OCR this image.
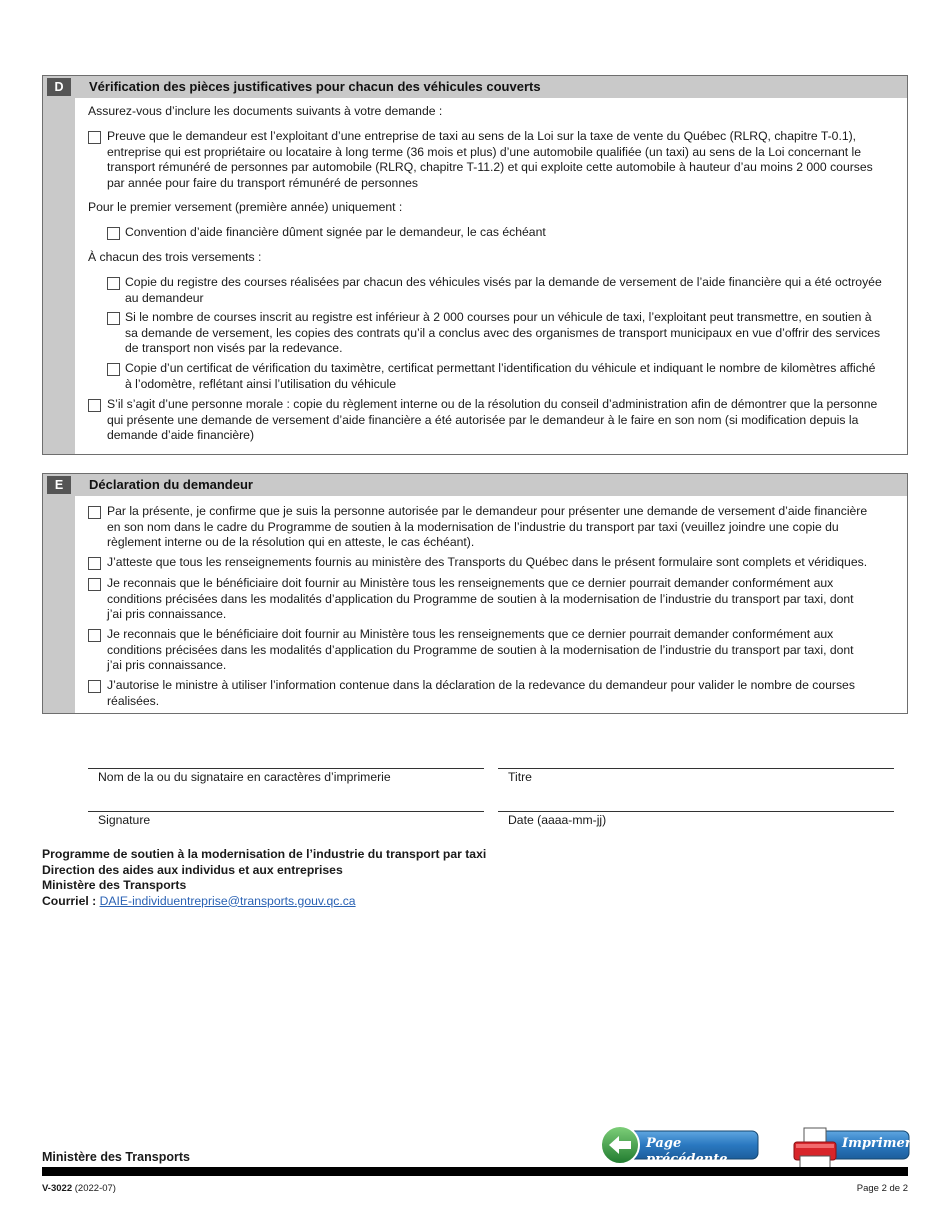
D	Vérification des pièces justificatives pour chacun des véhicules couverts
Assurez-vous d’inclure les documents suivants à votre demande :
Preuve que le demandeur est l’exploitant d’une entreprise de taxi au sens de la Loi sur la taxe de vente du Québec (RLRQ, chapitre T-0.1),
entreprise qui est propriétaire ou locataire à long terme (36 mois et plus) d’une automobile qualifiée (un taxi) au sens de la Loi concernant le
transport rémunéré de personnes par automobile (RLRQ, chapitre T-11.2) et qui exploite cette automobile à hauteur d’au moins 2 000 courses
par année pour faire du transport rémunéré de personnes
Pour le premier versement (première année) uniquement :
Convention d’aide financière dûment signée par le demandeur, le cas échéant
À chacun des trois versements :
Copie du registre des courses réalisées par chacun des véhicules visés par la demande de versement de l’aide financière qui a été octroyée
au demandeur
Si le nombre de courses inscrit au registre est inférieur à 2 000 courses pour un véhicule de taxi, l’exploitant peut transmettre, en soutien à
sa demande de versement, les copies des contrats qu’il a conclus avec des organismes de transport municipaux en vue d’offrir des services
de transport non visés par la redevance.
Copie d’un certificat de vérification du taximètre, certificat permettant l’identification du véhicule et indiquant le nombre de kilomètres affiché
à l’odomètre, reflétant ainsi l’utilisation du véhicule
S’il s’agit d’une personne morale : copie du règlement interne ou de la résolution du conseil d’administration afin de démontrer que la personne
qui présente une demande de versement d’aide financière a été autorisée par le demandeur à le faire en son nom (si modification depuis la
demande d’aide financière)
E	Déclaration du demandeur
Par la présente, je confirme que je suis la personne autorisée par le demandeur pour présenter une demande de versement d’aide financière
en son nom dans le cadre du Programme de soutien à la modernisation de l’industrie du transport par taxi (veuillez joindre une copie du
règlement interne ou de la résolution qui en atteste, le cas échéant).
J’atteste que tous les renseignements fournis au ministère des Transports du Québec dans le présent formulaire sont complets et véridiques.
Je reconnais que le bénéficiaire doit fournir au Ministère tous les renseignements que ce dernier pourrait demander conformément aux
conditions précisées dans les modalités d’application du Programme de soutien à la modernisation de l’industrie du transport par taxi, dont
j’ai pris connaissance.
Je reconnais que le bénéficiaire doit fournir au Ministère tous les renseignements que ce dernier pourrait demander conformément aux
conditions précisées dans les modalités d’application du Programme de soutien à la modernisation de l’industrie du transport par taxi, dont
j’ai pris connaissance.
J’autorise le ministre à utiliser l’information contenue dans la déclaration de la redevance du demandeur pour valider le nombre de courses
réalisées.
Nom de la ou du signataire en caractères d’imprimerie	Titre
Signature	Date (aaaa-mm-jj)
Programme de soutien à la modernisation de l’industrie du transport par taxi
Direction des aides aux individus et aux entreprises
Ministère des Transports
Courriel : DAIE-individuentreprise@transports.gouv.qc.ca
Page précédente
Imprimer
Ministère des Transports
V-3022 (2022-07)	Page 2 de 2
